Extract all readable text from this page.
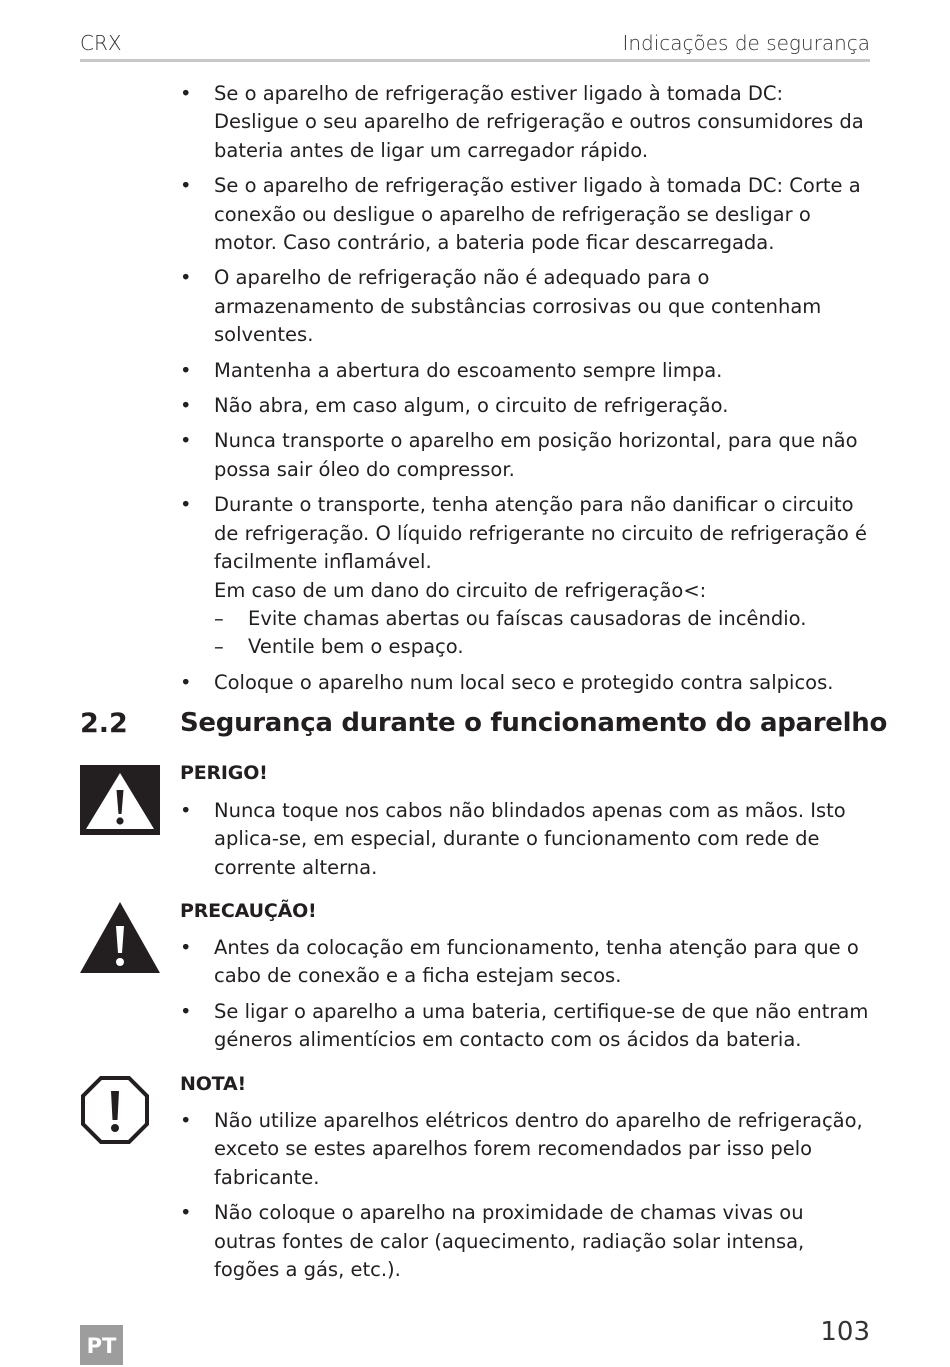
CRX	Indicações de segurança
• Se o aparelho de refrigeração estiver ligado à tomada DC: Desligue o seu aparelho de refrigeração e outros consumidores da bateria antes de ligar um carregador rápido.
• Se o aparelho de refrigeração estiver ligado à tomada DC: Corte a conexão ou desligue o aparelho de refrigeração se desligar o motor. Caso contrário, a bateria pode ficar descarregada.
• O aparelho de refrigeração não é adequado para o armazenamento de substâncias corrosivas ou que contenham solventes.
• Mantenha a abertura do escoamento sempre limpa.
• Não abra, em caso algum, o circuito de refrigeração.
• Nunca transporte o aparelho em posição horizontal, para que não possa sair óleo do compressor.
• Durante o transporte, tenha atenção para não danificar o circuito de refrigeração. O líquido refrigerante no circuito de refrigeração é facilmente inflamável.
Em caso de um dano do circuito de refrigeração<:
– Evite chamas abertas ou faíscas causadoras de incêndio.
– Ventile bem o espaço.
• Coloque o aparelho num local seco e protegido contra salpicos.
2.2 Segurança durante o funcionamento do aparelho
PERIGO!
• Nunca toque nos cabos não blindados apenas com as mãos. Isto aplica-se, em especial, durante o funcionamento com rede de corrente alterna.
PRECAUÇÃO!
• Antes da colocação em funcionamento, tenha atenção para que o cabo de conexão e a ficha estejam secos.
• Se ligar o aparelho a uma bateria, certifique-se de que não entram géneros alimentícios em contacto com os ácidos da bateria.
NOTA!
• Não utilize aparelhos elétricos dentro do aparelho de refrigeração, exceto se estes aparelhos forem recomendados par isso pelo fabricante.
• Não coloque o aparelho na proximidade de chamas vivas ou outras fontes de calor (aquecimento, radiação solar intensa, fogões a gás, etc.).
103
PT
